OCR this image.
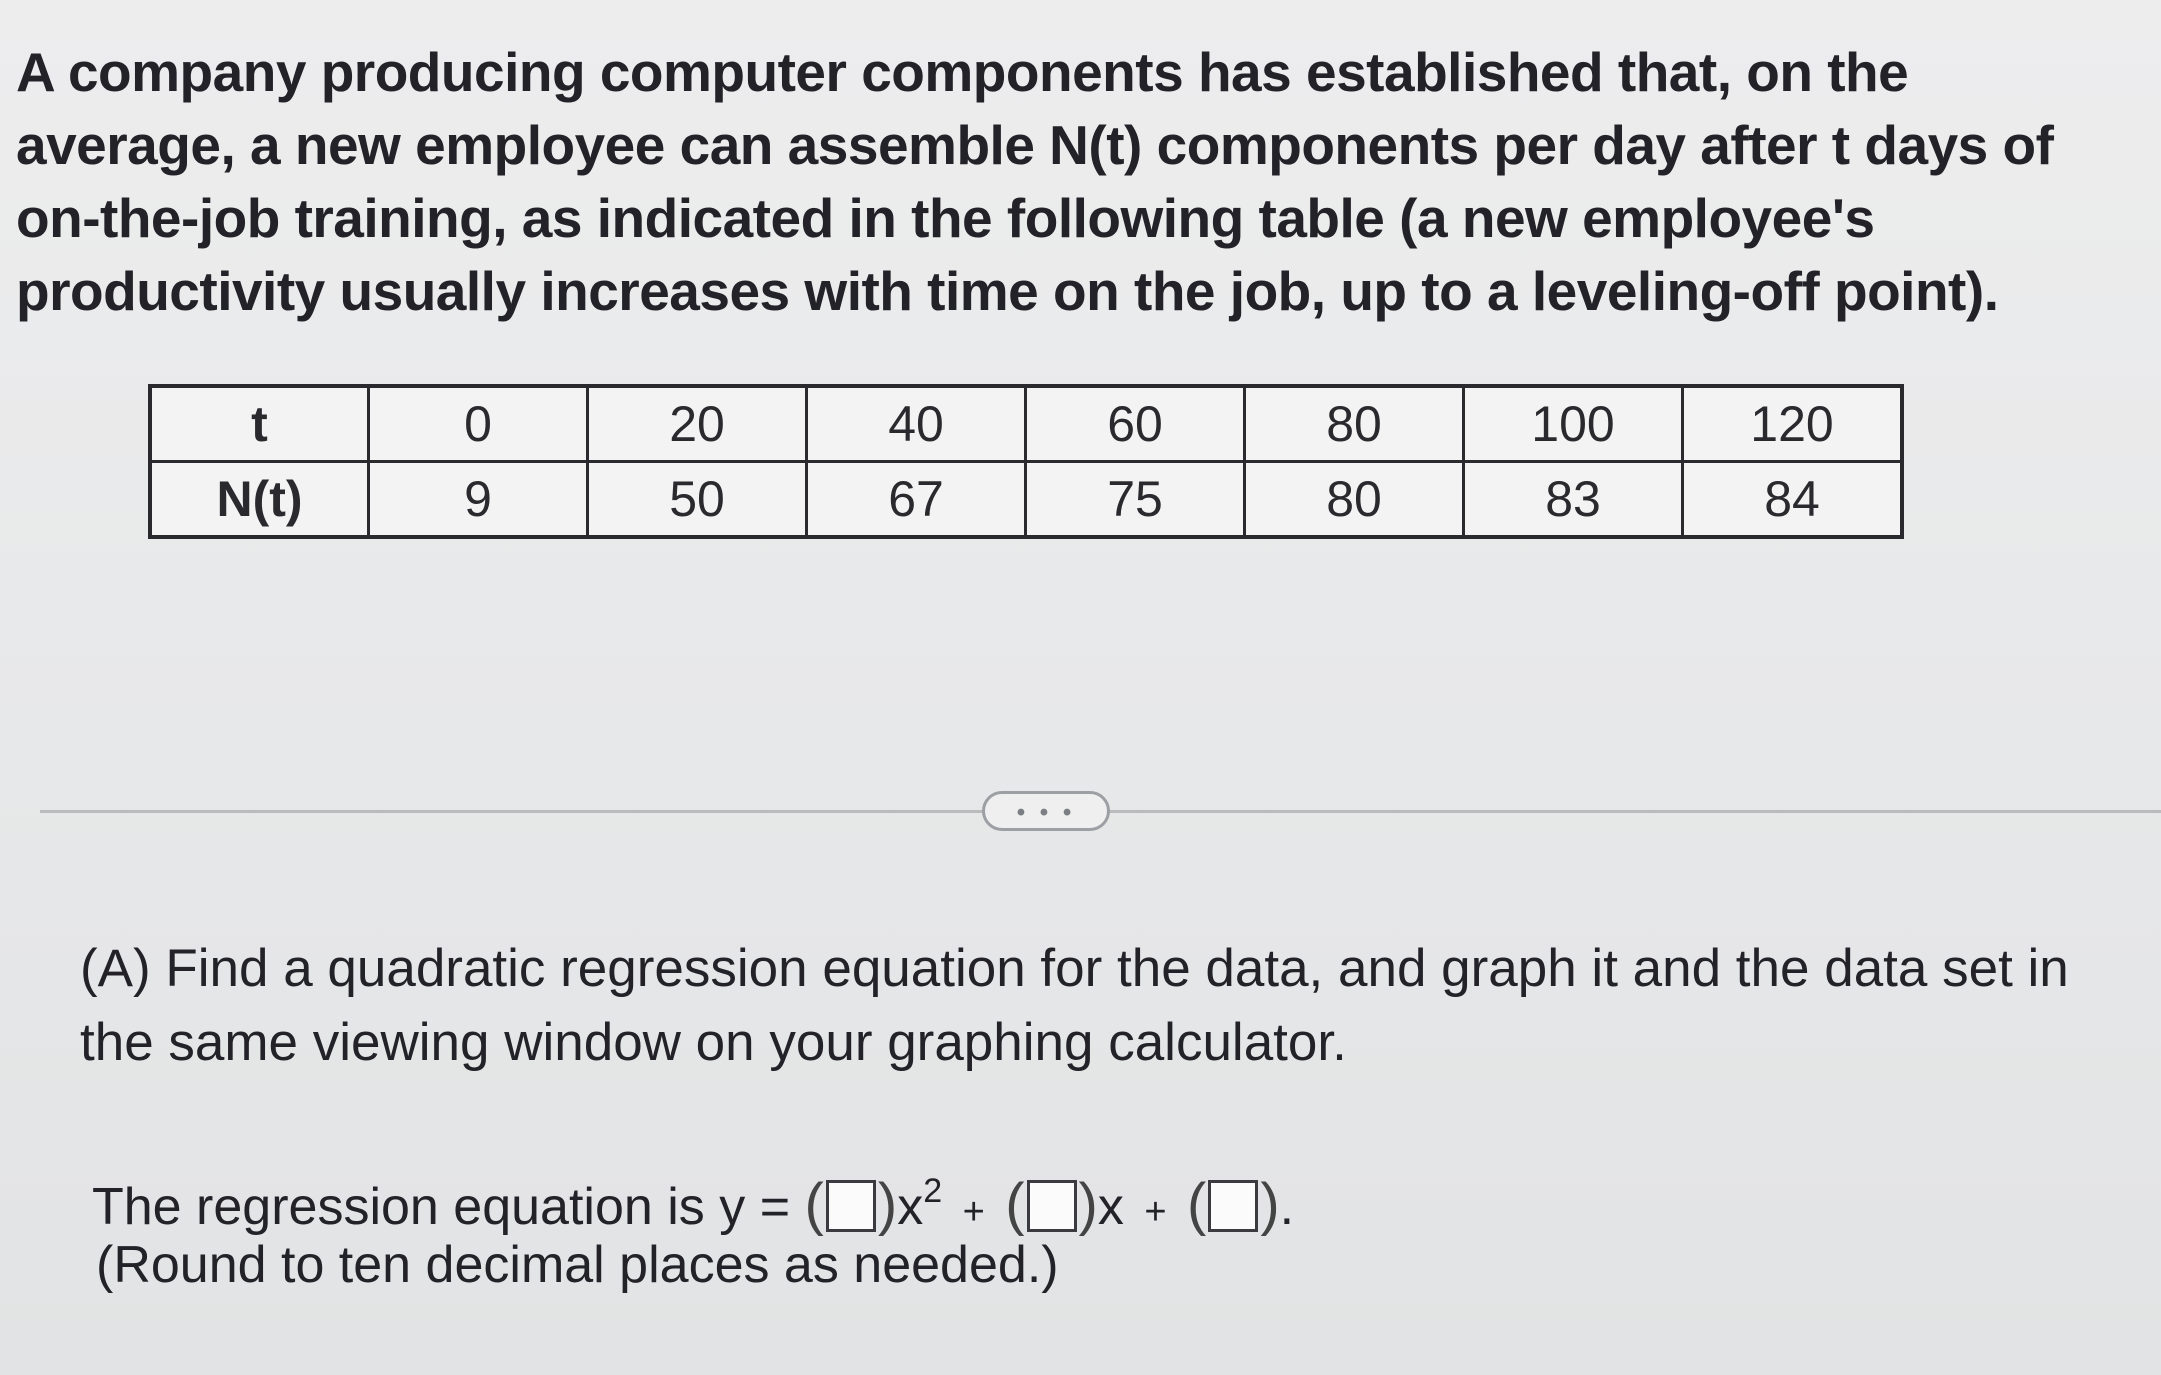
A company producing computer components has established that, on the average, a new employee can assemble N(t) components per day after t days of on-the-job training, as indicated in the following table (a new employee's productivity usually increases with time on the job, up to a leveling-off point).
t	0	20	40	60	80	100	120
N(t)	9	50	67	75	80	83	84
• • •
(A) Find a quadratic regression equation for the data, and graph it and the data set in the same viewing window on your graphing calculator.
The regression equation is y = ( )$x^2$ + ( )x + ( ).
(Round to ten decimal places as needed.)
